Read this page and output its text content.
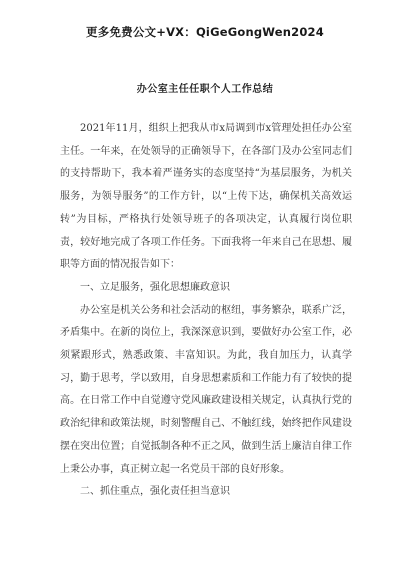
更多免费公文+VX：QiGeGongWen2024
办公室主任任职个人工作总结

2021年11月，组织上把我从市x局调到市x管理处担任办公室主任。一年来，在处领导的正确领导下，在各部门及办公室同志们的支持帮助下，我本着严谨务实的态度坚持“为基层服务，为机关服务，为领导服务”的工作方针，以“上传下达，确保机关高效运转”为目标，严格执行处领导班子的各项决定，认真履行岗位职责，较好地完成了各项工作任务。下面我将一年来自己在思想、履职等方面的情况报告如下：

一、立足服务，强化思想廉政意识

办公室是机关公务和社会活动的枢纽，事务繁杂，联系广泛，矛盾集中。在新的岗位上，我深深意识到，要做好办公室工作，必须紧跟形式，熟悉政策、丰富知识。为此，我自加压力，认真学习，勤于思考，学以致用，自身思想素质和工作能力有了较快的提高。在日常工作中自觉遵守党风廉政建设相关规定，认真执行党的政治纪律和政策法规，时刻警醒自己、不触红线，始终把作风建设摆在突出位置；自觉抵制各种不正之风，做到生活上廉洁自律工作上秉公办事，真正树立起一名党员干部的良好形象。

二、抓住重点，强化责任担当意识
